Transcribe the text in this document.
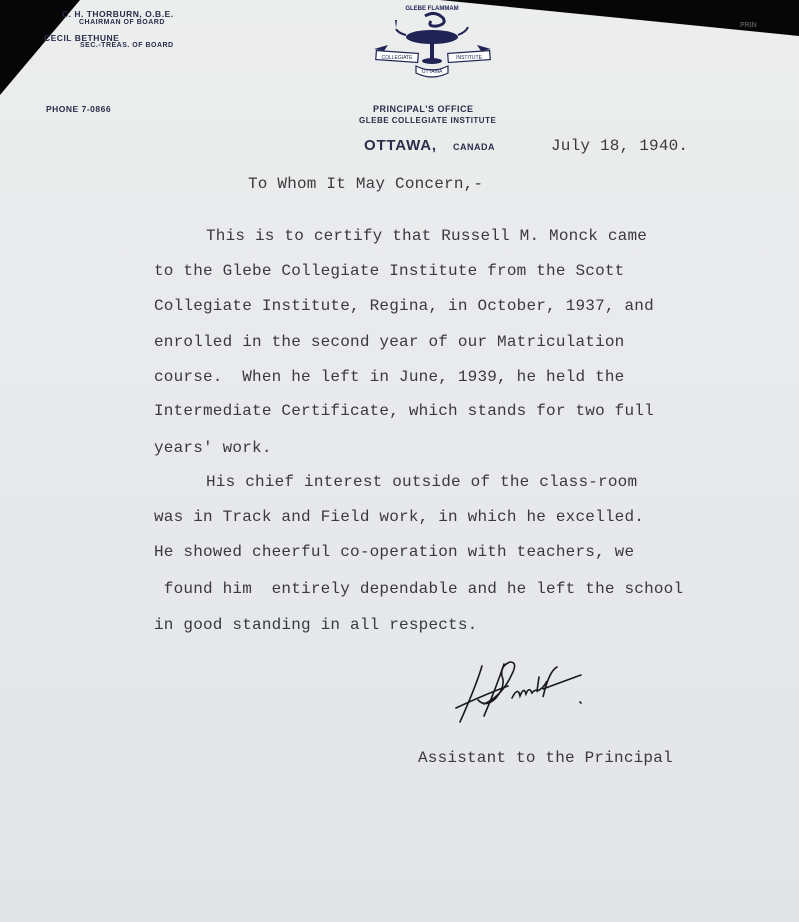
PRIN
C. H. THORBURN, O.B.E.
CHAIRMAN OF BOARD
CECIL BETHUNE
SEC.-TREAS. OF BOARD
PHONE 7-0866
GLEBE FLAMMAM
COLLEGIATE	INSTITUTE
OTTAWA
PRINCIPAL'S OFFICE
GLEBE COLLEGIATE INSTITUTE
OTTAWA, CANADA	July 18, 1940.
To Whom It May Concern,-
This is to certify that Russell M. Monck came
to the Glebe Collegiate Institute from the Scott
Collegiate Institute, Regina, in October, 1937, and
enrolled in the second year of our Matriculation
course.  When he left in June, 1939, he held the
Intermediate Certificate, which stands for two full
years' work.
His chief interest outside of the class-room
was in Track and Field work, in which he excelled.
He showed cheerful co-operation with teachers, we
found him  entirely dependable and he left the school
in good standing in all respects.
Assistant to the Principal
